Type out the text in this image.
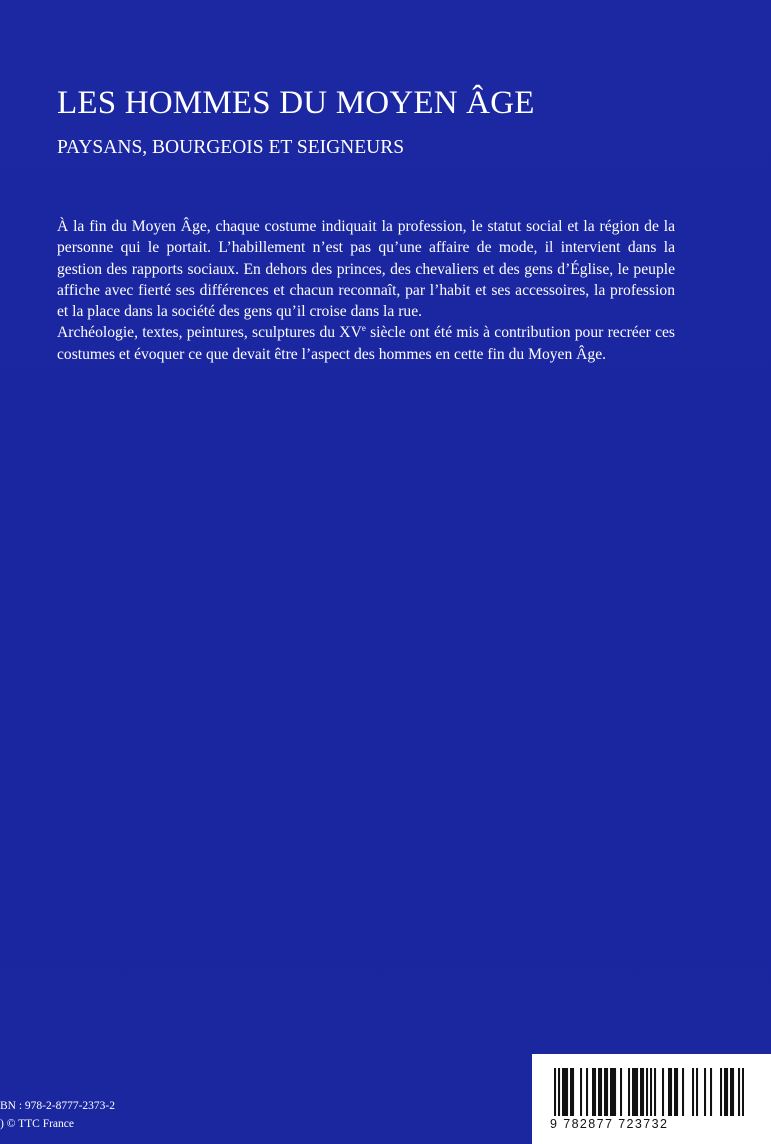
LES HOMMES DU MOYEN ÂGE
PAYSANS, BOURGEOIS ET SEIGNEURS

À la fin du Moyen Âge, chaque costume indiquait la profession, le statut social et la région de la personne qui le portait. L’habillement n’est pas qu’une affaire de mode, il intervient dans la gestion des rapports sociaux. En dehors des princes, des chevaliers et des gens d’Église, le peuple affiche avec fierté ses différences et chacun reconnaît, par l’habit et ses accessoires, la profession et la place dans la société des gens qu’il croise dans la rue.

Archéologie, textes, peintures, sculptures du XVe siècle ont été mis à contribution pour recréer ces costumes et évoquer ce que devait être l’aspect des hommes en cette fin du Moyen Âge.

BN : 978-2-8777-2373-2
) © TTC France	9 782877 723732
